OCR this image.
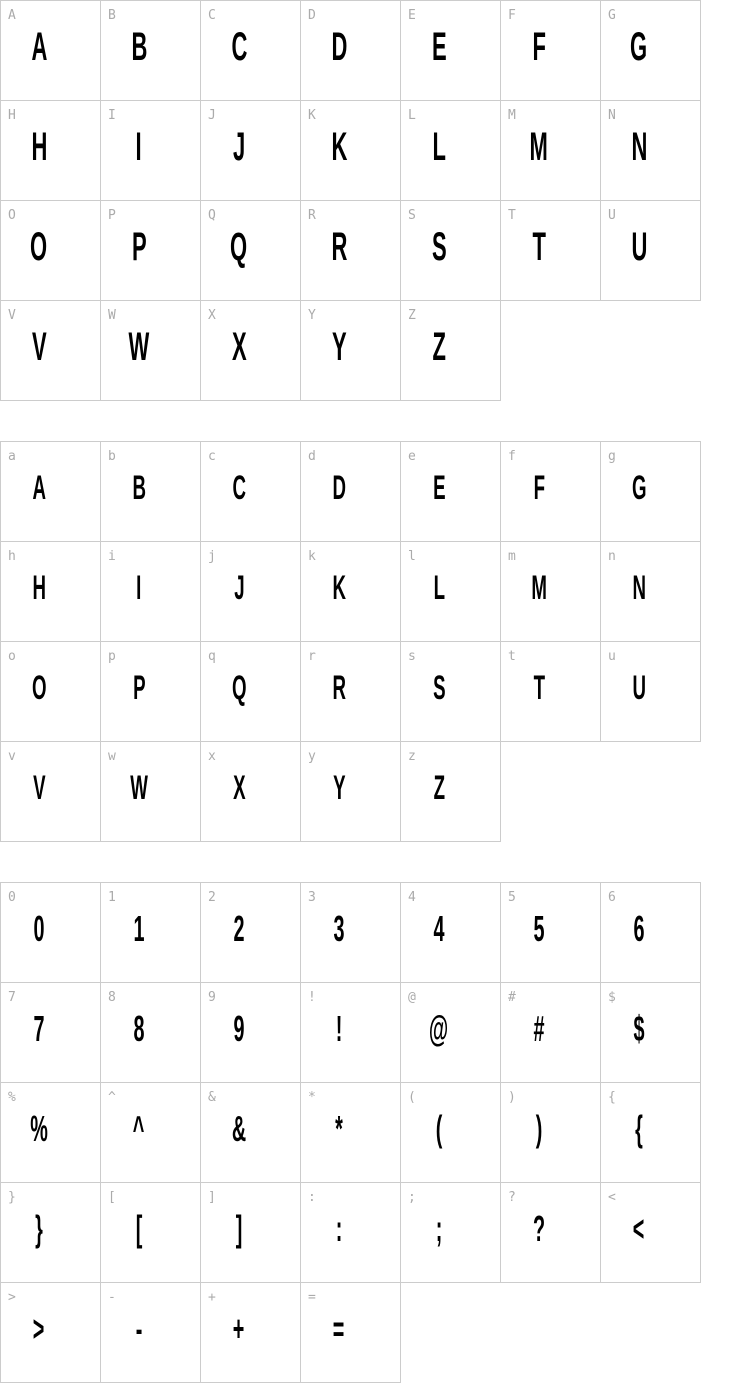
A
A
B
B
C
C
D
D
E
E
F
F
G
G
H
H
I
I
J
J
K
K
L
L
M
M
N
N
O
O
P
P
Q
Q
R
R
S
S
T
T
U
U
V
V
W
W
X
X
Y
Y
Z
Z
a
A
b
B
c
C
d
D
e
E
f
F
g
G
h
H
i
I
j
J
k
K
l
L
m
M
n
N
o
O
p
P
q
Q
r
R
s
S
t
T
u
U
v
V
w
W
x
X
y
Y
z
Z
0
0
1
1
2
2
3
3
4
4
5
5
6
6
7
7
8
8
9
9
!
!
@
@
#
#
$
$
%
%
^
^
&
&
*
*
(
(
)
)
{
{
}
}
[
[
]
]
:
:
;
;
?
?
<
<
>
>
-
-
+
+
=
=
